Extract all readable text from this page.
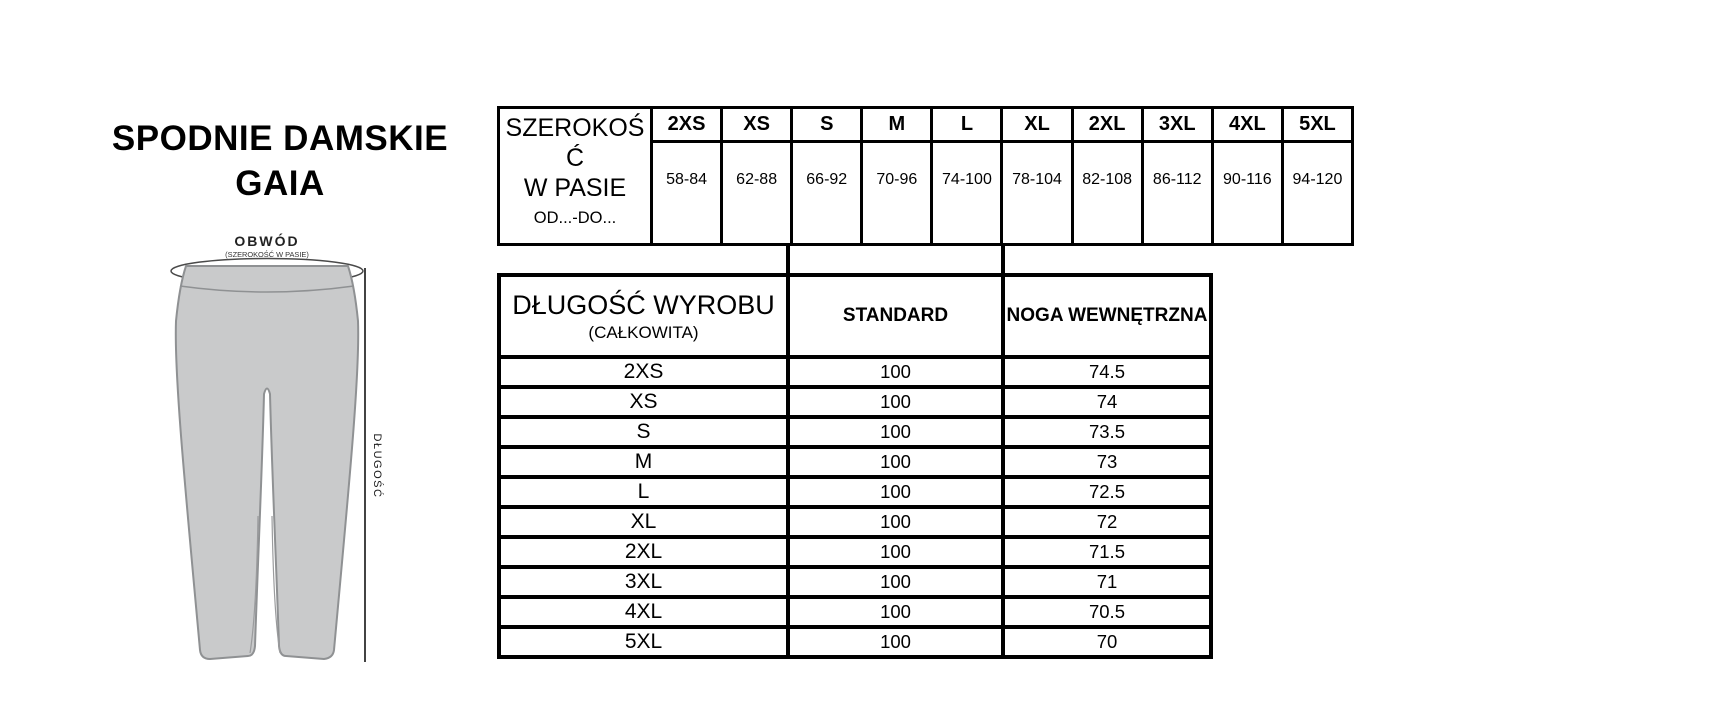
SPODNIE DAMSKIE
GAIA
OBWÓD
(SZEROKOŚĆ W PASIE)
DŁUGOŚĆ
SZEROKOŚĆ
W PASIE
OD...-DO...
2XS	XS	S	M	L	XL	2XL	3XL	4XL	5XL
58-84	62-88	66-92	70-96	74-100	78-104	82-108	86-112	90-116	94-120
DŁUGOŚĆ WYROBU
(CAŁKOWITA)
STANDARD	NOGA WEWNĘTRZNA
2XS	100	74.5
XS	100	74
S	100	73.5
M	100	73
L	100	72.5
XL	100	72
2XL	100	71.5
3XL	100	71
4XL	100	70.5
5XL	100	70
